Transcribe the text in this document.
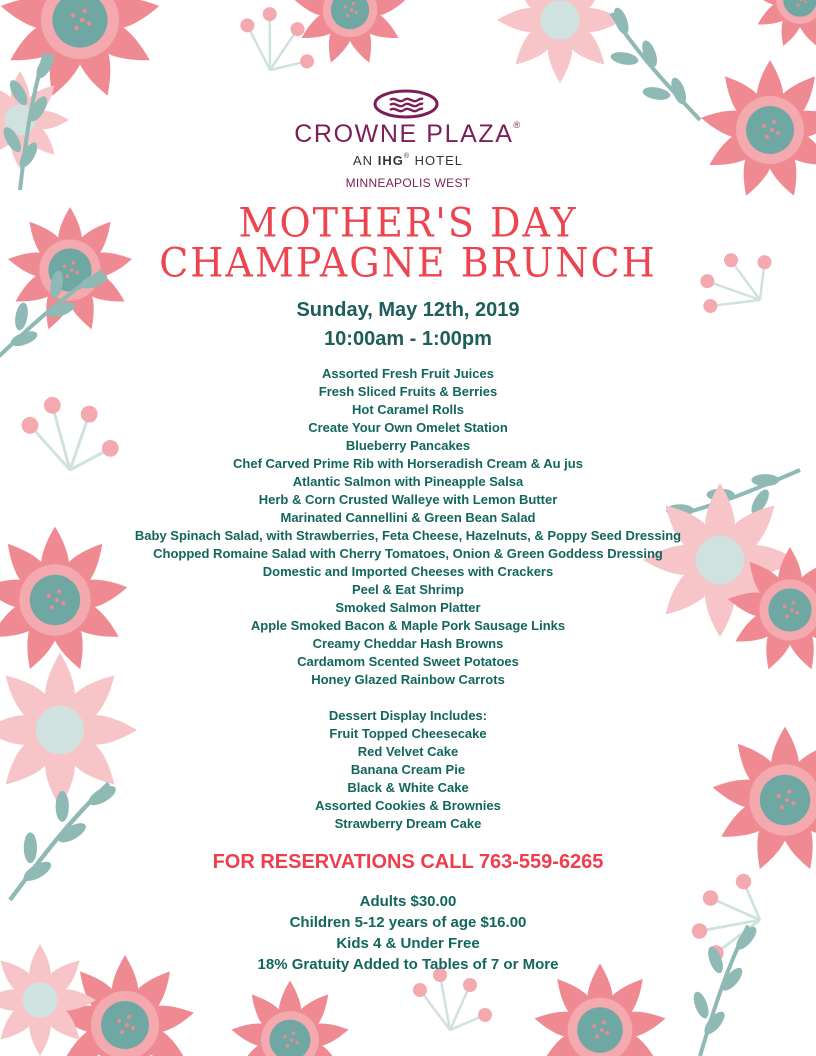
CROWNE PLAZA®
AN IHG® HOTEL
MINNEAPOLIS WEST
MOTHER'S DAY
CHAMPAGNE BRUNCH
Sunday, May 12th, 2019
10:00am - 1:00pm
Assorted Fresh Fruit Juices
Fresh Sliced Fruits & Berries
Hot Caramel Rolls
Create Your Own Omelet Station
Blueberry Pancakes
Chef Carved Prime Rib with Horseradish Cream & Au jus
Atlantic Salmon with Pineapple Salsa
Herb & Corn Crusted Walleye with Lemon Butter
Marinated Cannellini & Green Bean Salad
Baby Spinach Salad, with Strawberries, Feta Cheese, Hazelnuts, & Poppy Seed Dressing
Chopped Romaine Salad with Cherry Tomatoes, Onion & Green Goddess Dressing
Domestic and Imported Cheeses with Crackers
Peel & Eat Shrimp
Smoked Salmon Platter
Apple Smoked Bacon & Maple Pork Sausage Links
Creamy Cheddar Hash Browns
Cardamom Scented Sweet Potatoes
Honey Glazed Rainbow Carrots
Dessert Display Includes:
Fruit Topped Cheesecake
Red Velvet Cake
Banana Cream Pie
Black & White Cake
Assorted Cookies & Brownies
Strawberry Dream Cake
FOR RESERVATIONS CALL 763-559-6265
Adults $30.00
Children 5-12 years of age $16.00
Kids 4 & Under Free
18% Gratuity Added to Tables of 7 or More
